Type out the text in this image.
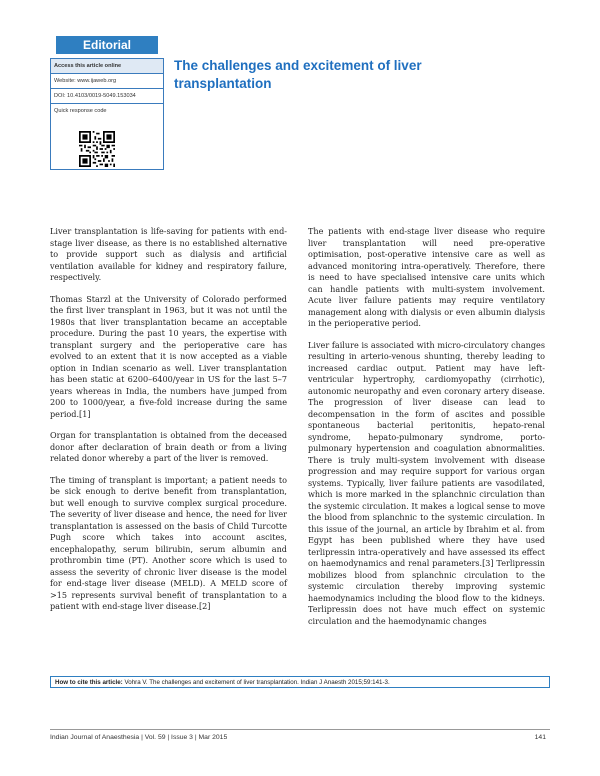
Editorial
Access this article online
Website: www.ijaweb.org
DOI: 10.4103/0019-5049.153034
Quick response code
The challenges and excitement of liver transplantation

Liver transplantation is life-saving for patients with end-stage liver disease, as there is no established alternative to provide support such as dialysis and artificial ventilation available for kidney and respiratory failure, respectively.

Thomas Starzl at the University of Colorado performed the first liver transplant in 1963, but it was not until the 1980s that liver transplantation became an acceptable procedure. During the past 10 years, the expertise with transplant surgery and the perioperative care has evolved to an extent that it is now accepted as a viable option in Indian scenario as well. Liver transplantation has been static at 6200–6400/year in US for the last 5–7 years whereas in India, the numbers have jumped from 200 to 1000/year, a five-fold increase during the same period.[1]

Organ for transplantation is obtained from the deceased donor after declaration of brain death or from a living related donor whereby a part of the liver is removed.

The timing of transplant is important; a patient needs to be sick enough to derive benefit from transplantation, but well enough to survive complex surgical procedure. The severity of liver disease and hence, the need for liver transplantation is assessed on the basis of Child Turcotte Pugh score which takes into account ascites, encephalopathy, serum bilirubin, serum albumin and prothrombin time (PT). Another score which is used to assess the severity of chronic liver disease is the model for end-stage liver disease (MELD). A MELD score of >15 represents survival benefit of transplantation to a patient with end-stage liver disease.[2]

The patients with end-stage liver disease who require liver transplantation will need pre-operative optimisation, post-operative intensive care as well as advanced monitoring intra-operatively. Therefore, there is need to have specialised intensive care units which can handle patients with multi-system involvement. Acute liver failure patients may require ventilatory management along with dialysis or even albumin dialysis in the perioperative period.

Liver failure is associated with micro-circulatory changes resulting in arterio-venous shunting, thereby leading to increased cardiac output. Patient may have left-ventricular hypertrophy, cardiomyopathy (cirrhotic), autonomic neuropathy and even coronary artery disease. The progression of liver disease can lead to decompensation in the form of ascites and possible spontaneous bacterial peritonitis, hepato-renal syndrome, hepato-pulmonary syndrome, porto-pulmonary hypertension and coagulation abnormalities. There is truly multi-system involvement with disease progression and may require support for various organ systems. Typically, liver failure patients are vasodilated, which is more marked in the splanchnic circulation than the systemic circulation. It makes a logical sense to move the blood from splanchnic to the systemic circulation. In this issue of the journal, an article by Ibrahim et al. from Egypt has been published where they have used terlipressin intra-operatively and have assessed its effect on haemodynamics and renal parameters.[3] Terlipressin mobilizes blood from splanchnic circulation to the systemic circulation thereby improving systemic haemodynamics including the blood flow to the kidneys. Terlipressin does not have much effect on systemic circulation and the haemodynamic changes

How to cite this article: Vohra V. The challenges and excitement of liver transplantation. Indian J Anaesth 2015;59:141-3.
Indian Journal of Anaesthesia | Vol. 59 | Issue 3 | Mar 2015	141
